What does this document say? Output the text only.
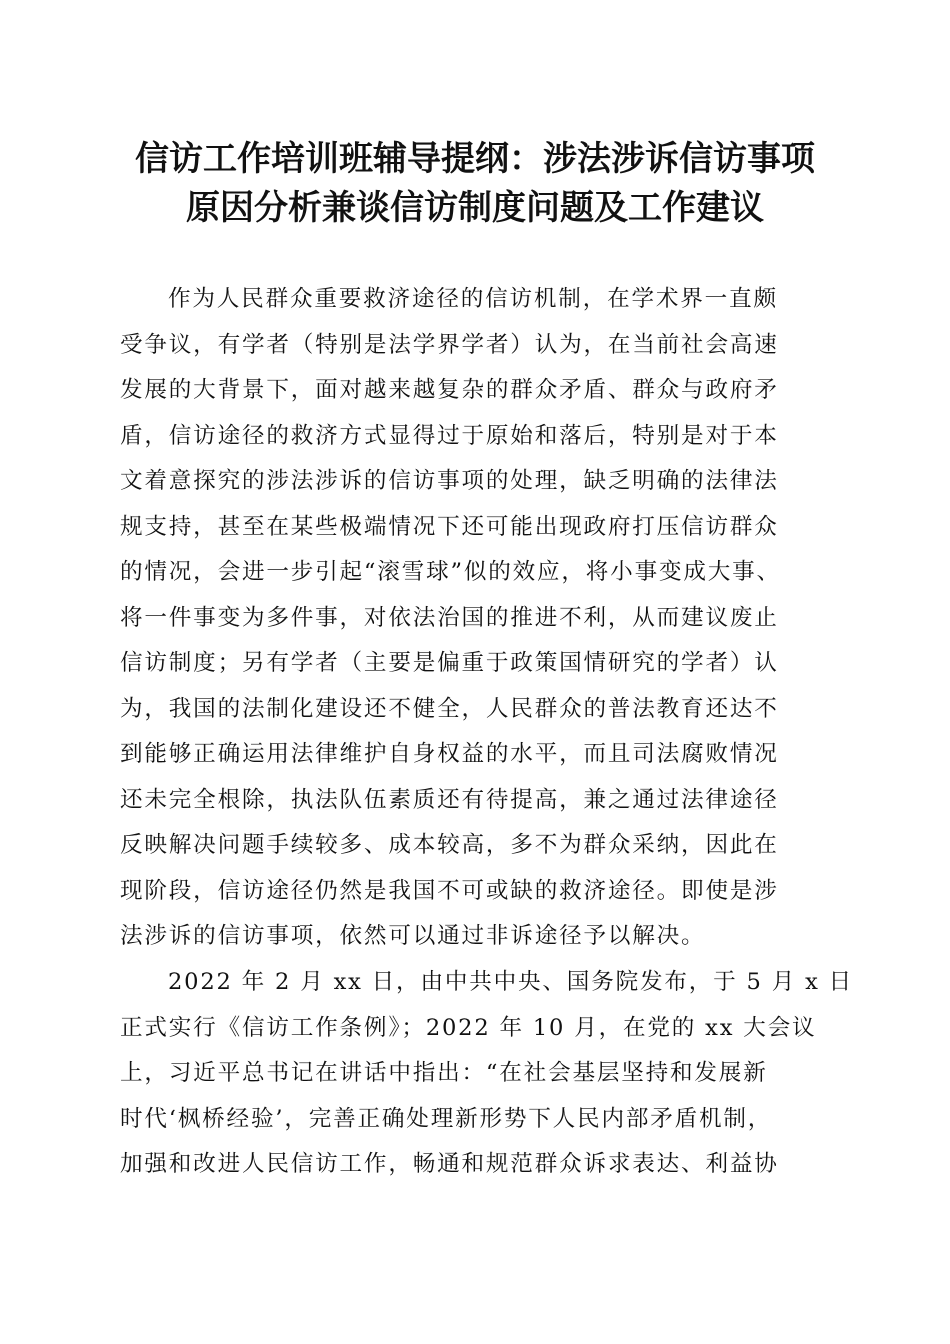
信访工作培训班辅导提纲：涉法涉诉信访事项
原因分析兼谈信访制度问题及工作建议
作为人民群众重要救济途径的信访机制，在学术界一直颇
受争议，有学者（特别是法学界学者）认为，在当前社会高速
发展的大背景下，面对越来越复杂的群众矛盾、群众与政府矛
盾，信访途径的救济方式显得过于原始和落后，特别是对于本
文着意探究的涉法涉诉的信访事项的处理，缺乏明确的法律法
规支持，甚至在某些极端情况下还可能出现政府打压信访群众
的情况，会进一步引起“滚雪球”似的效应，将小事变成大事、
将一件事变为多件事，对依法治国的推进不利，从而建议废止
信访制度；另有学者（主要是偏重于政策国情研究的学者）认
为，我国的法制化建设还不健全，人民群众的普法教育还达不
到能够正确运用法律维护自身权益的水平，而且司法腐败情况
还未完全根除，执法队伍素质还有待提高，兼之通过法律途径
反映解决问题手续较多、成本较高，多不为群众采纳，因此在
现阶段，信访途径仍然是我国不可或缺的救济途径。即使是涉
法涉诉的信访事项，依然可以通过非诉途径予以解决。
2022 年 2 月 xx 日，由中共中央、国务院发布，于 5 月 x 日
正式实行《信访工作条例》；2022 年 10 月，在党的 xx 大会议
上，习近平总书记在讲话中指出：“在社会基层坚持和发展新
时代‘枫桥经验’，完善正确处理新形势下人民内部矛盾机制，
加强和改进人民信访工作，畅通和规范群众诉求表达、利益协
